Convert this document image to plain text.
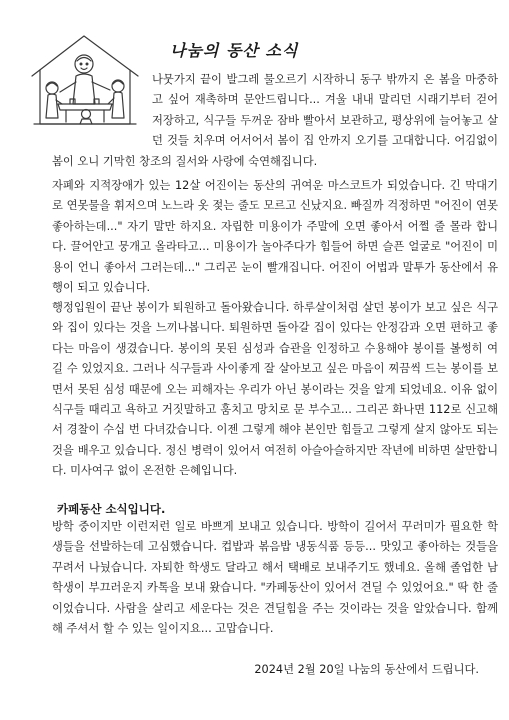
나눔의 동산 소식

나뭇가지 끝이 발그레 물오르기 시작하니 동구 밖까지 온 봄을 마중하고 싶어 재촉하며 문안드립니다... 겨울 내내 말리던 시래기부터 걷어 저장하고, 식구들 두꺼운 잠바 빨아서 보관하고, 평상위에 늘어놓고 살던 것들 치우며 어서어서 봄이 집 안까지 오기를 고대합니다. 어김없이 봄이 오니 기막힌 창조의 질서와 사랑에 숙연해집니다.

자폐와 지적장애가 있는 12살 어진이는 동산의 귀여운 마스코트가 되었습니다. 긴 막대기로 연못물을 휘저으며 노느라 옷 젖는 줄도 모르고 신났지요. 빠질까 걱정하면 "어진이 연못 좋아하는데..." 자기 말만 하지요. 자립한 미용이가 주말에 오면 좋아서 어쩔 줄 몰라 합니다. 끌어안고 뭉개고 올라타고... 미용이가 놀아주다가 힘들어 하면 슬픈 얼굴로 "어진이 미용이 언니 좋아서 그러는데..." 그리곤 눈이 빨개집니다. 어진이 어법과 말투가 동산에서 유행이 되고 있습니다.

행정입원이 끝난 봉이가 퇴원하고 돌아왔습니다. 하루살이처럼 살던 봉이가 보고 싶은 식구와 집이 있다는 것을 느끼나봅니다. 퇴원하면 돌아갈 집이 있다는 안정감과 오면 편하고 좋다는 마음이 생겼습니다. 봉이의 못된 심성과 습관을 인정하고 수용해야 봉이를 볼썽히 여길 수 있었지요. 그러나 식구들과 사이좋게 잘 살아보고 싶은 마음이 찌끔씩 드는 봉이를 보면서 못된 심성 때문에 오는 피해자는 우리가 아닌 봉이라는 것을 알게 되었네요. 이유 없이 식구들 때리고 욕하고 거짓말하고 훔치고 망치로 문 부수고... 그리곤 화나면 112로 신고해서 경찰이 수십 번 다녀갔습니다. 이젠 그렇게 해야 본인만 힘들고 그렇게 살지 않아도 되는 것을 배우고 있습니다. 정신 병력이 있어서 여전히 아슬아슬하지만 작년에 비하면 살만합니다. 미사여구 없이 온전한 은혜입니다.

카페동산 소식입니다.

방학 중이지만 이런저런 일로 바쁘게 보내고 있습니다. 방학이 길어서 꾸러미가 필요한 학생들을 선발하는데 고심했습니다. 컵밥과 볶음밥 냉동식품 등등... 맛있고 좋아하는 것들을 꾸려서 나눴습니다. 자퇴한 학생도 달라고 해서 택배로 보내주기도 했네요. 올해 졸업한 남학생이 부끄러운지 카톡을 보내 왔습니다. "카페동산이 있어서 견딜 수 있었어요." 딱 한 줄이었습니다. 사람을 살리고 세운다는 것은 견딜힘을 주는 것이라는 것을 알았습니다. 함께해 주셔서 할 수 있는 일이지요... 고맙습니다.

2024년 2월 20일 나눔의 동산에서 드립니다.
